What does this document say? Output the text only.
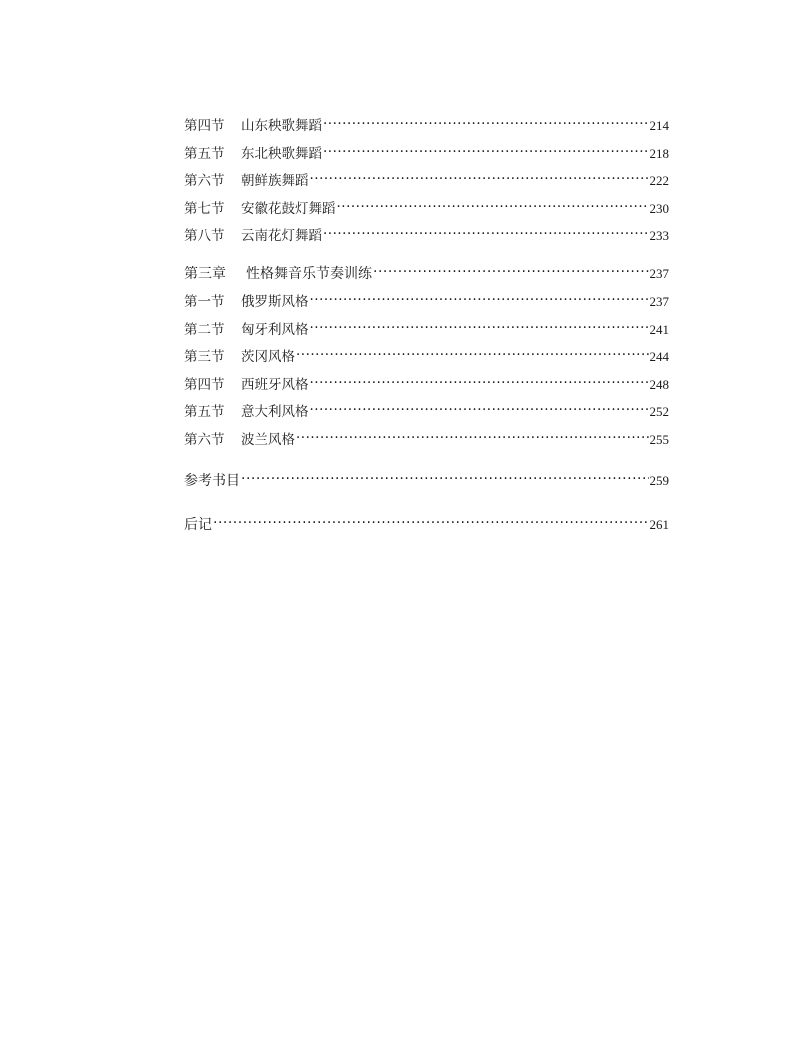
第四节	山东秧歌舞蹈 ·····	214
第五节	东北秧歌舞蹈 ·····	218
第六节	朝鲜族舞蹈 ·····	222
第七节	安徽花鼓灯舞蹈 ·····	230
第八节	云南花灯舞蹈 ·····	233
第三章	性格舞音乐节奏训练 ·····	237
第一节	俄罗斯风格 ·····	237
第二节	匈牙利风格 ·····	241
第三节	茨冈风格 ·····	244
第四节	西班牙风格 ·····	248
第五节	意大利风格 ·····	252
第六节	波兰风格 ·····	255
参考书目 ·····	259
后记 ·····	261
